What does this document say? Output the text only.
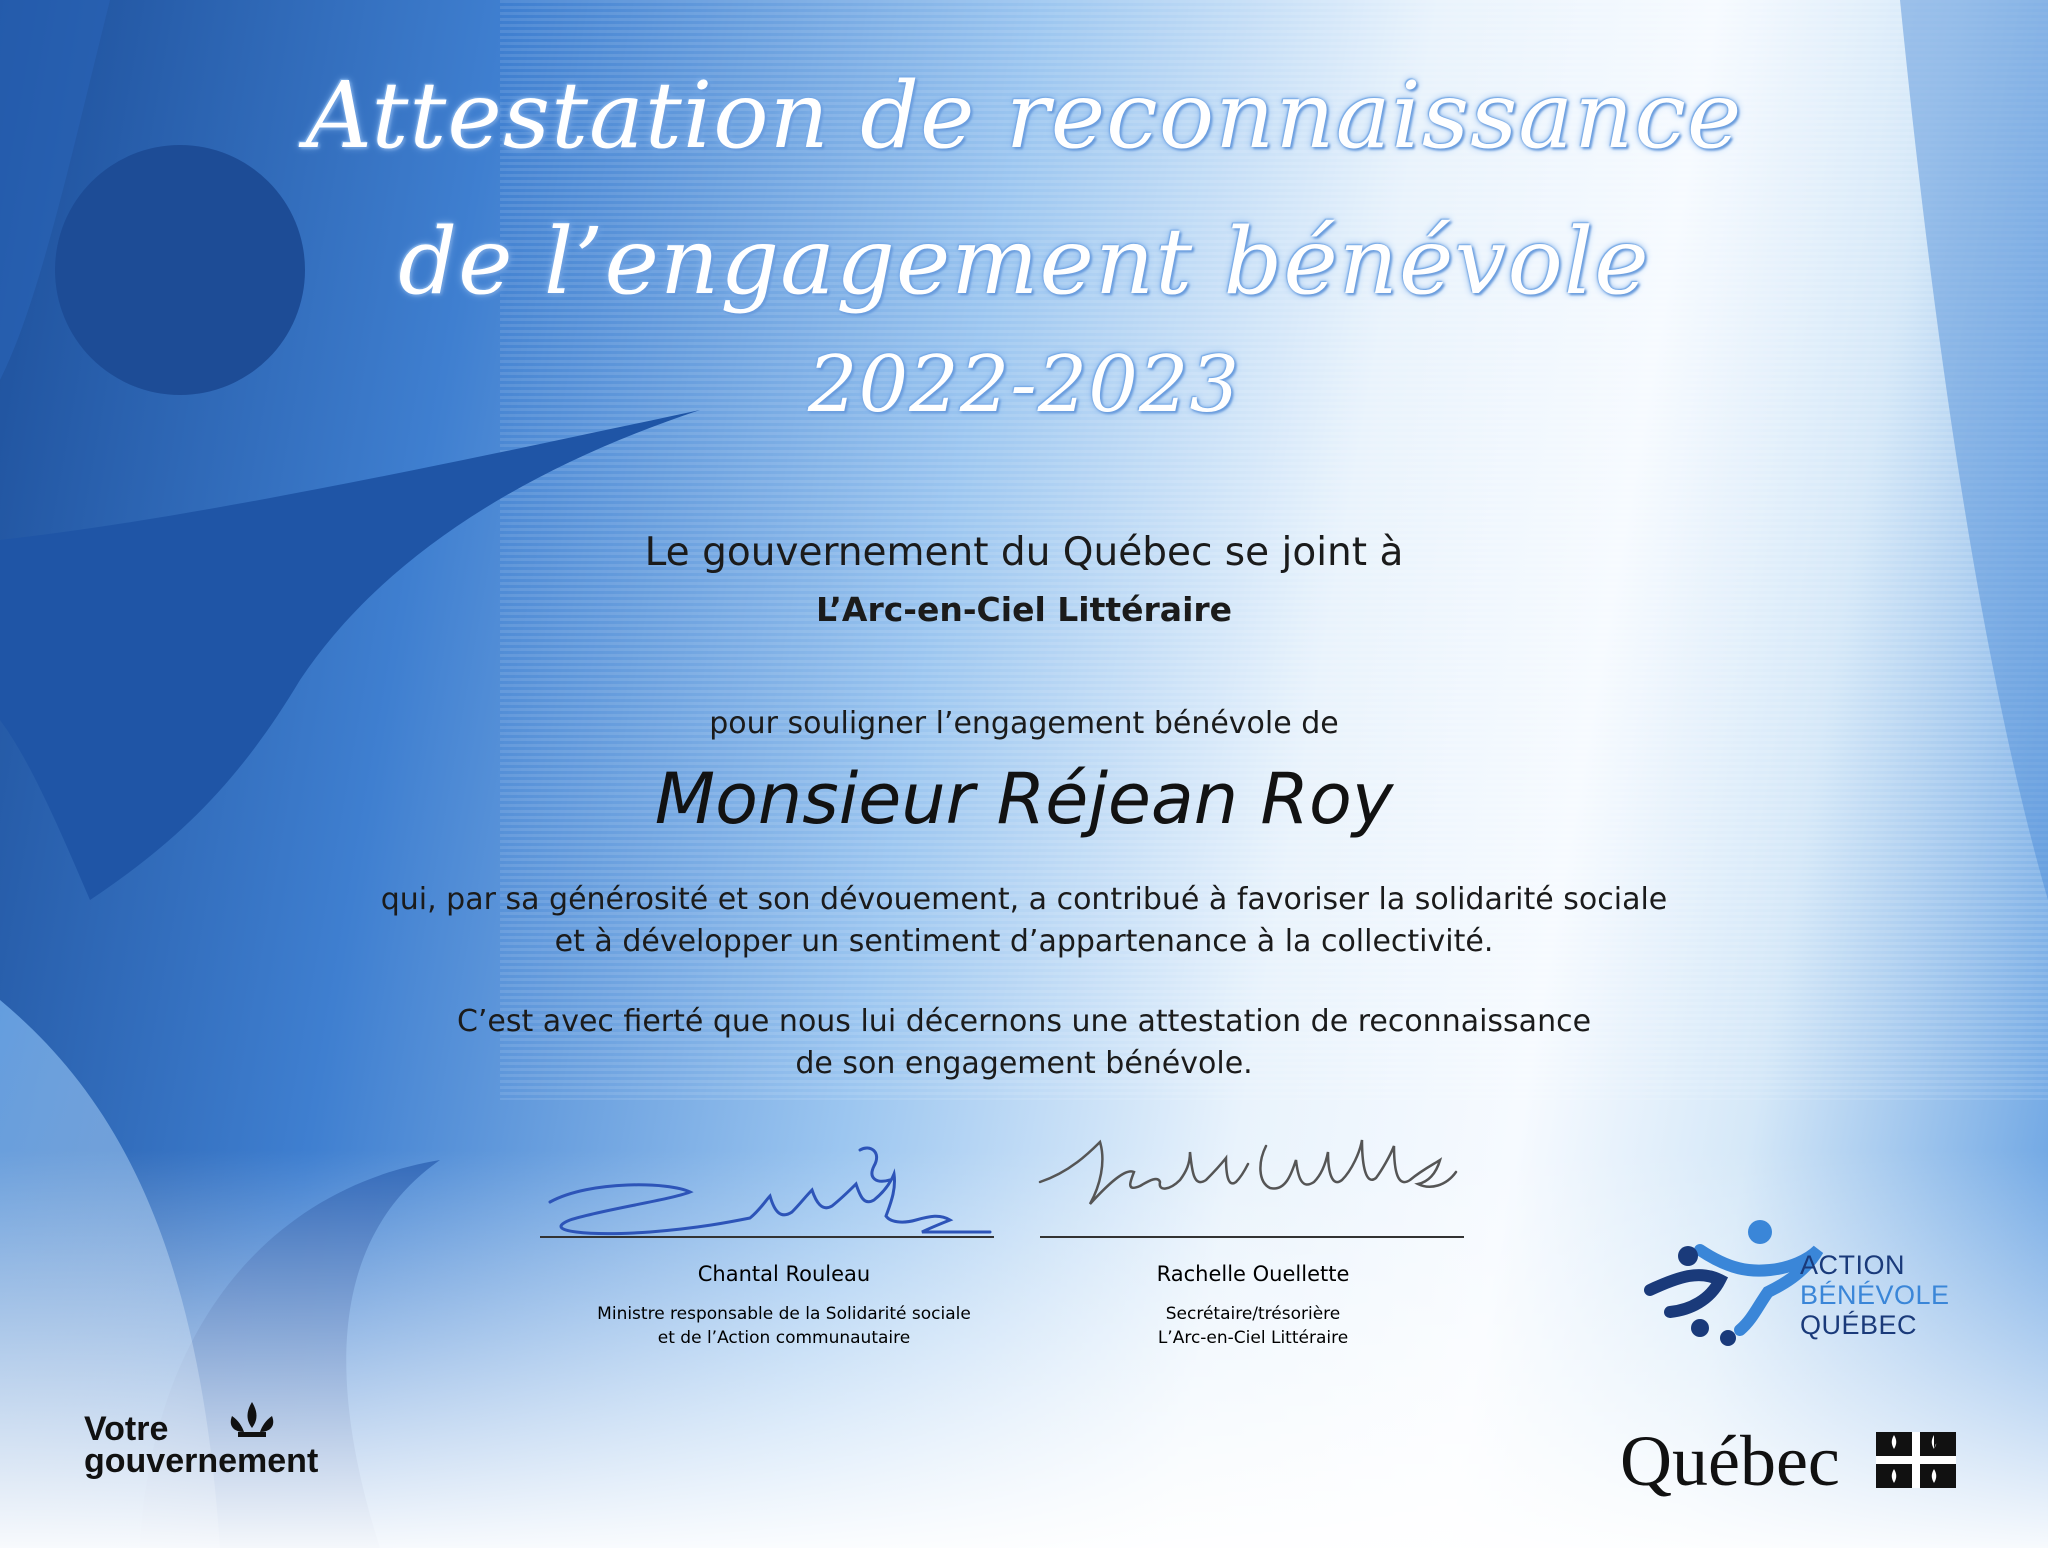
Attestation de reconnaissance
de l’engagement bénévole
2022-2023
Le gouvernement du Québec se joint à
L’Arc-en-Ciel Littéraire
pour souligner l’engagement bénévole de
Monsieur Réjean Roy
qui, par sa générosité et son dévouement, a contribué à favoriser la solidarité sociale
et à développer un sentiment d’appartenance à la collectivité.
C’est avec fierté que nous lui décernons une attestation de reconnaissance
de son engagement bénévole.
Chantal Rouleau
Ministre responsable de la Solidarité sociale
et de l’Action communautaire
Rachelle Ouellette
Secrétaire/trésorière
L’Arc-en-Ciel Littéraire
ACTION
BÉNÉVOLE
QUÉBEC
Votre
gouvernement	Québec
